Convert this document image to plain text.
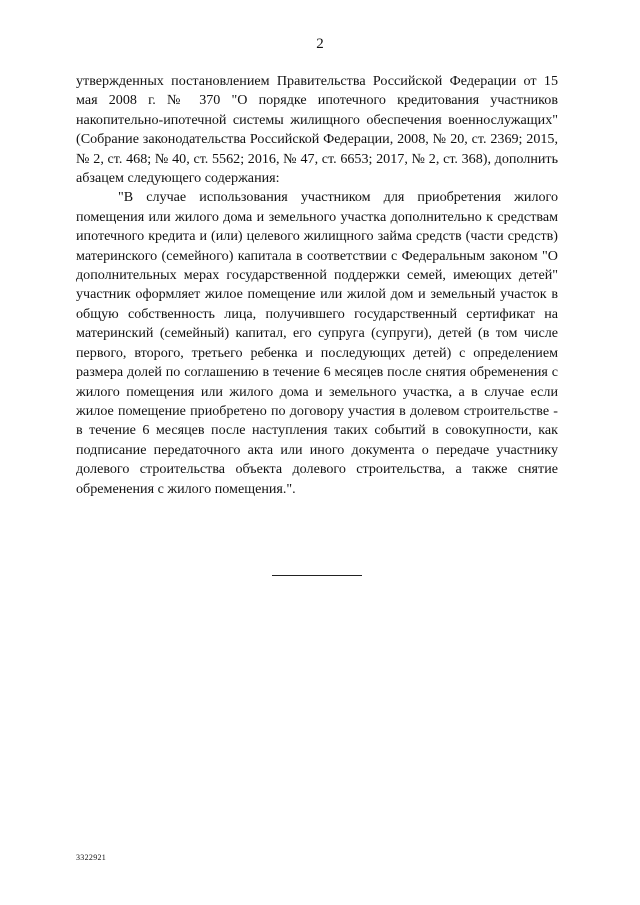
2

утвержденных постановлением Правительства Российской Федерации от 15 мая 2008 г. № 370 "О порядке ипотечного кредитования участников накопительно-ипотечной системы жилищного обеспечения военнослужащих" (Собрание законодательства Российской Федерации, 2008, № 20, ст. 2369; 2015, № 2, ст. 468; № 40, ст. 5562; 2016, № 47, ст. 6653; 2017, № 2, ст. 368), дополнить абзацем следующего содержания:

"В случае использования участником для приобретения жилого помещения или жилого дома и земельного участка дополнительно к средствам ипотечного кредита и (или) целевого жилищного займа средств (части средств) материнского (семейного) капитала в соответствии с Федеральным законом "О дополнительных мерах государственной поддержки семей, имеющих детей" участник оформляет жилое помещение или жилой дом и земельный участок в общую собственность лица, получившего государственный сертификат на материнский (семейный) капитал, его супруга (супруги), детей (в том числе первого, второго, третьего ребенка и последующих детей) с определением размера долей по соглашению в течение 6 месяцев после снятия обременения с жилого помещения или жилого дома и земельного участка, а в случае если жилое помещение приобретено по договору участия в долевом строительстве - в течение 6 месяцев после наступления таких событий в совокупности, как подписание передаточного акта или иного документа о передаче участнику долевого строительства объекта долевого строительства, а также снятие обременения с жилого помещения.".

3322921
